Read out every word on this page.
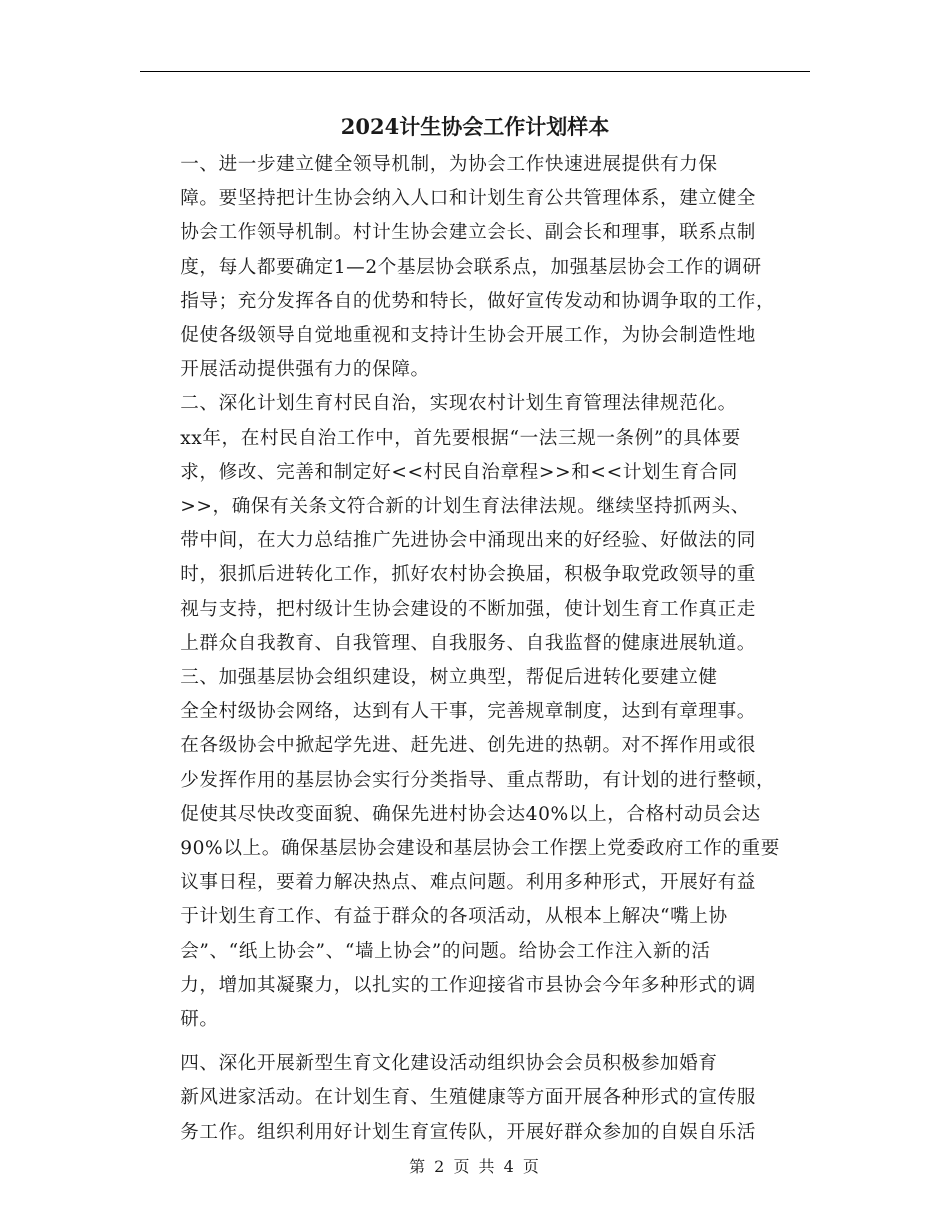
2024计生协会工作计划样本

一、进一步建立健全领导机制，为协会工作快速进展提供有力保
障。要坚持把计生协会纳入人口和计划生育公共管理体系，建立健全
协会工作领导机制。村计生协会建立会长、副会长和理事，联系点制
度，每人都要确定1—2个基层协会联系点，加强基层协会工作的调研
指导；充分发挥各自的优势和特长，做好宣传发动和协调争取的工作，
促使各级领导自觉地重视和支持计生协会开展工作，为协会制造性地
开展活动提供强有力的保障。

二、深化计划生育村民自治，实现农村计划生育管理法律规范化。
xx年，在村民自治工作中，首先要根据“一法三规一条例”的具体要
求，修改、完善和制定好<<村民自治章程>>和<<计划生育合同
>>，确保有关条文符合新的计划生育法律法规。继续坚持抓两头、
带中间，在大力总结推广先进协会中涌现出来的好经验、好做法的同
时，狠抓后进转化工作，抓好农村协会换届，积极争取党政领导的重
视与支持，把村级计生协会建设的不断加强，使计划生育工作真正走
上群众自我教育、自我管理、自我服务、自我监督的健康进展轨道。

三、加强基层协会组织建设，树立典型，帮促后进转化要建立健
全全村级协会网络，达到有人干事，完善规章制度，达到有章理事。
在各级协会中掀起学先进、赶先进、创先进的热朝。对不挥作用或很
少发挥作用的基层协会实行分类指导、重点帮助，有计划的进行整顿，
促使其尽快改变面貌、确保先进村协会达40%以上，合格村动员会达
90%以上。确保基层协会建设和基层协会工作摆上党委政府工作的重要
议事日程，要着力解决热点、难点问题。利用多种形式，开展好有益
于计划生育工作、有益于群众的各项活动，从根本上解决“嘴上协
会”、“纸上协会”、“墙上协会”的问题。给协会工作注入新的活
力，增加其凝聚力，以扎实的工作迎接省市县协会今年多种形式的调
研。

四、深化开展新型生育文化建设活动组织协会会员积极参加婚育
新风进家活动。在计划生育、生殖健康等方面开展各种形式的宣传服
务工作。组织利用好计划生育宣传队，开展好群众参加的自娱自乐活

第 2 页 共 4 页
